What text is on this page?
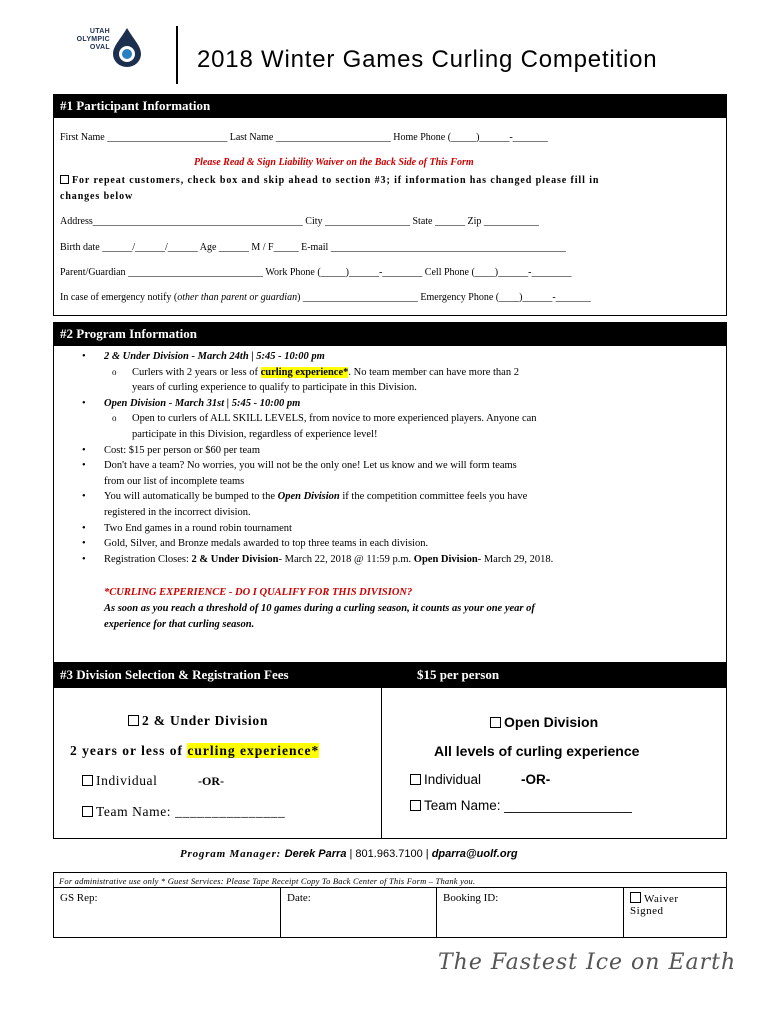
UTAH
OLYMPIC
OVAL	2018 Winter Games Curling Competition
#1 Participant Information
First Name ________________________ Last Name _______________________ Home Phone (_____)______-_______
Please Read & Sign Liability Waiver on the Back Side of This Form
For repeat customers, check box and skip ahead to section #3; if information has changed please fill in
changes below
Address__________________________________________ City _________________ State ______ Zip ___________
Birth date ______/______/______ Age ______ M / F_____ E-mail _______________________________________________
Parent/Guardian ___________________________ Work Phone (_____)______-________ Cell Phone (____)______-________
In case of emergency notify (other than parent or guardian) _______________________ Emergency Phone (____)______-_______
#2 Program Information
• 2 & Under Division - March 24th | 5:45 - 10:00 pm
o Curlers with 2 years or less of curling experience*. No team member can have more than 2
years of curling experience to qualify to participate in this Division.
• Open Division - March 31st | 5:45 - 10:00 pm
o Open to curlers of ALL SKILL LEVELS, from novice to more experienced players. Anyone can
participate in this Division, regardless of experience level!
• Cost: $15 per person or $60 per team
• Don't have a team? No worries, you will not be the only one! Let us know and we will form teams
from our list of incomplete teams
• You will automatically be bumped to the Open Division if the competition committee feels you have
registered in the incorrect division.
• Two End games in a round robin tournament
• Gold, Silver, and Bronze medals awarded to top three teams in each division.
• Registration Closes: 2 & Under Division- March 22, 2018 @ 11:59 p.m. Open Division- March 29, 2018.
*CURLING EXPERIENCE - DO I QUALIFY FOR THIS DIVISION?
As soon as you reach a threshold of 10 games during a curling season, it counts as your one year of
experience for that curling season.
#3 Division Selection & Registration Fees	$15 per person
2 & Under Division
2 years or less of curling experience*
Individual	-OR-
Team Name: _______________
Open Division
All levels of curling experience
Individual	-OR-
Team Name: _________________
Program Manager: Derek Parra | 801.963.7100 | dparra@uolf.org
For administrative use only * Guest Services: Please Tape Receipt Copy To Back Center of This Form – Thank you.
GS Rep:	Date:	Booking ID:	Waiver
Signed
The Fastest Ice on Earth
